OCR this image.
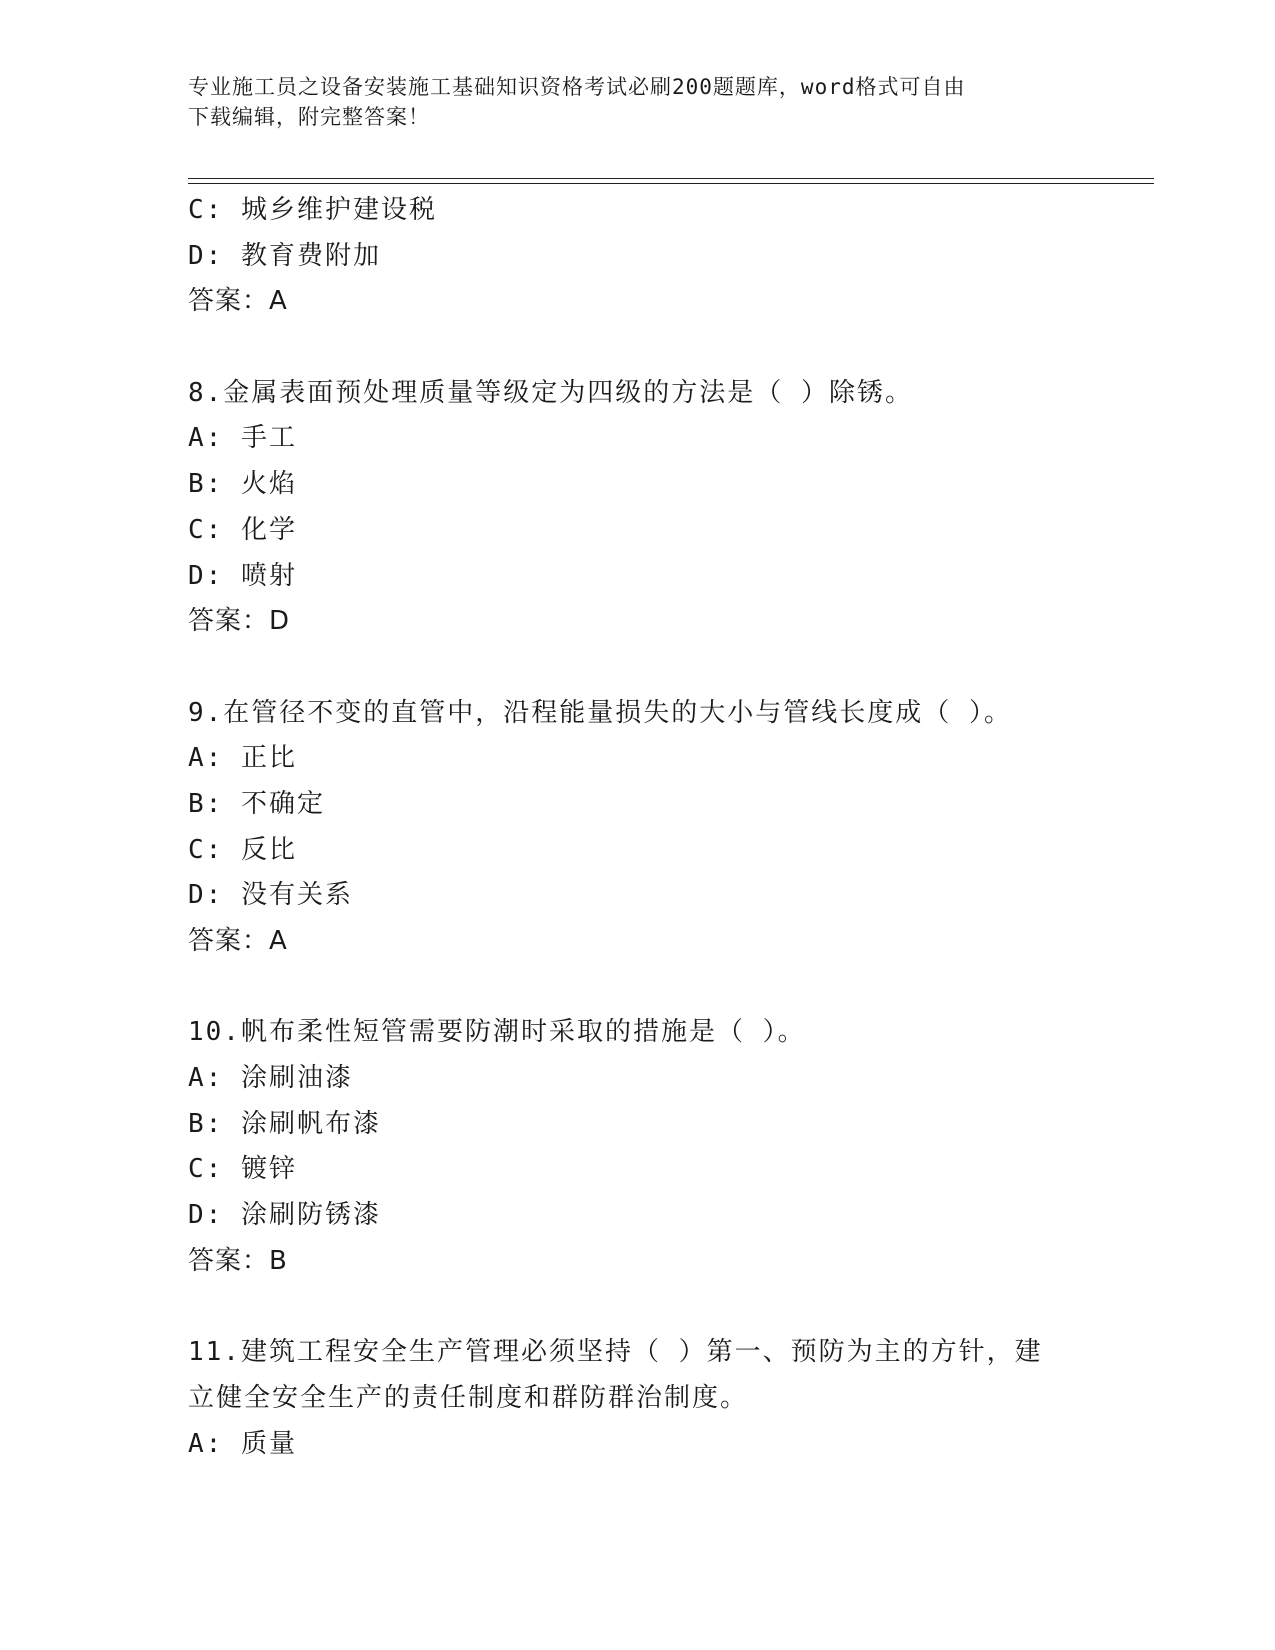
专业施工员之设备安装施工基础知识资格考试必刷200题题库，word格式可自由
下载编辑，附完整答案！
C: 城乡维护建设税
D: 教育费附加
答案：A
8.金属表面预处理质量等级定为四级的方法是（ ）除锈。
A: 手工
B: 火焰
C: 化学
D: 喷射
答案：D
9.在管径不变的直管中，沿程能量损失的大小与管线长度成（ ）。
A: 正比
B: 不确定
C: 反比
D: 没有关系
答案：A
10.帆布柔性短管需要防潮时采取的措施是（ ）。
A: 涂刷油漆
B: 涂刷帆布漆
C: 镀锌
D: 涂刷防锈漆
答案：B
11.建筑工程安全生产管理必须坚持（ ）第一、预防为主的方针，建
立健全安全生产的责任制度和群防群治制度。
A: 质量
